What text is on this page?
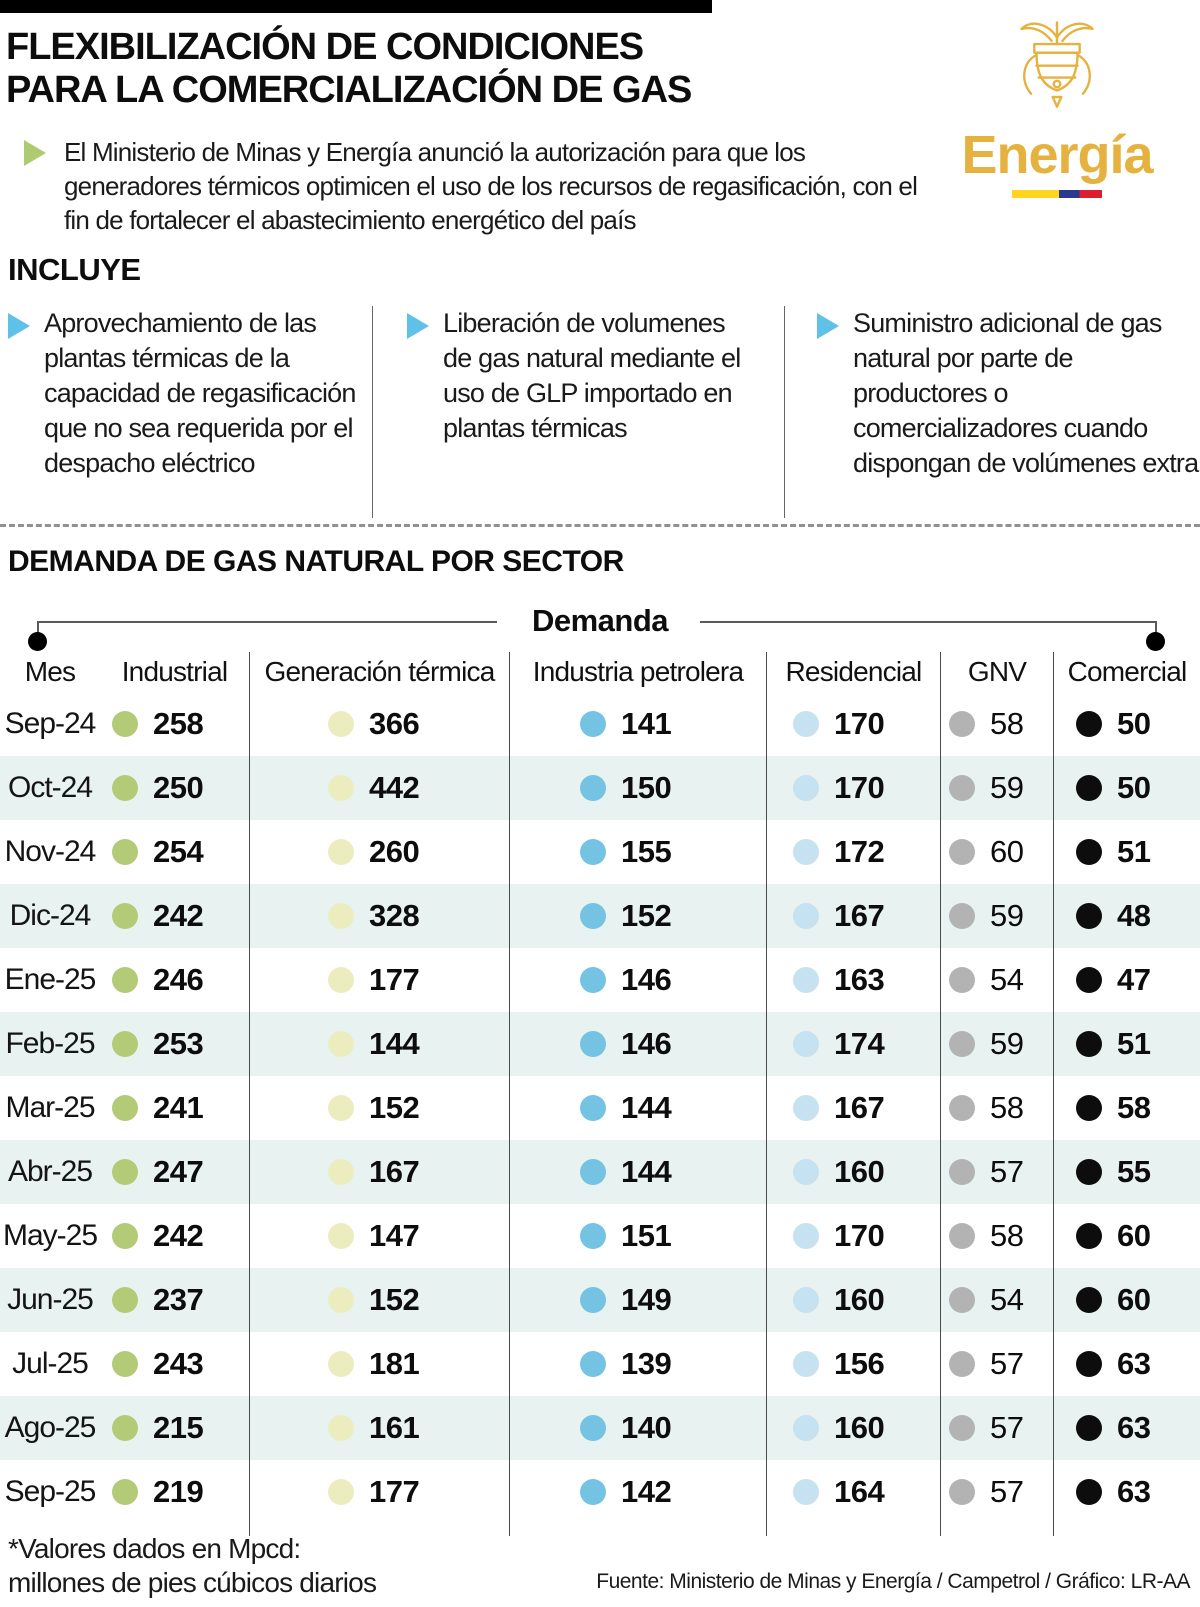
FLEXIBILIZACIÓN DE CONDICIONES
PARA LA COMERCIALIZACIÓN DE GAS
Energía
El Ministerio de Minas y Energía anunció la autorización para que los generadores térmicos optimicen el uso de los recursos de regasificación, con el fin de fortalecer el abastecimiento energético del país
INCLUYE
Aprovechamiento de las plantas térmicas de la capacidad de regasificación que no sea requerida por el despacho eléctrico
Liberación de volumenes de gas natural mediante el uso de GLP importado en plantas térmicas
Suministro adicional de gas natural por parte de productores o comercializadores cuando dispongan de volúmenes extra
DEMANDA DE GAS NATURAL POR SECTOR
Demanda
Mes	Industrial	Generación térmica	Industria petrolera	Residencial	GNV	Comercial
Sep-24 258	366	141	170	58	50
Oct-24 250	442	150	170	59	50
Nov-24 254	260	155	172	60	51
Dic-24	242	328	152	167	59	48
Ene-25 246	177	146	163	54	47
Feb-25 253	144	146	174	59	51
Mar-25 241	152	144	167	58	58
Abr-25 247	167	144	160	57	55
May-25 242	147	151	170	58	60
Jun-25 237	152	149	160	54	60
Jul-25	243	181	139	156	57	63
Ago-25 215	161	140	160	57	63
Sep-25 219	177	142	164	57	63
*Valores dados en Mpcd:
millones de pies cúbicos diarios	Fuente: Ministerio de Minas y Energía / Campetrol / Gráfico: LR-AA
